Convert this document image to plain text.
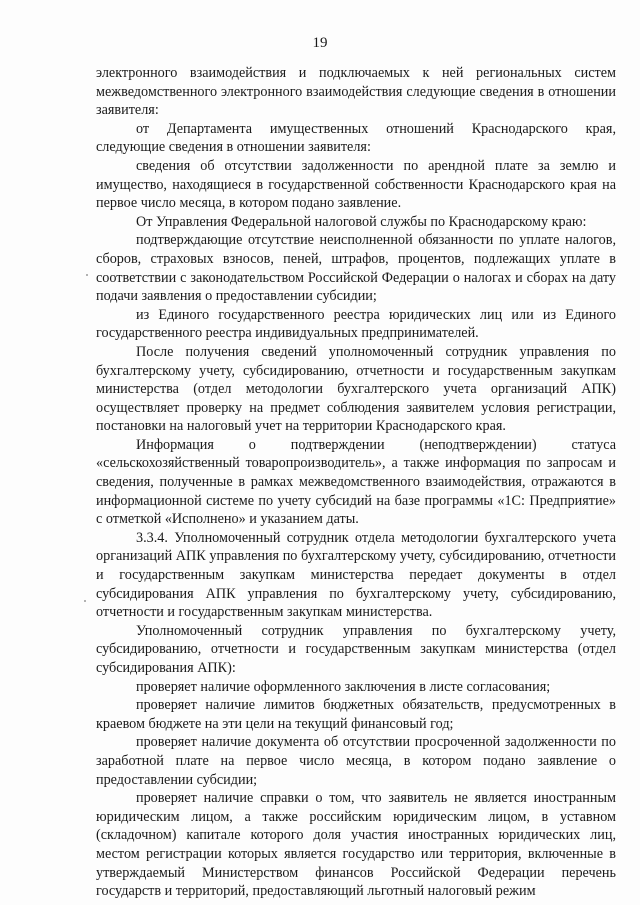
19

электронного взаимодействия и подключаемых к ней региональных систем межведомственного электронного взаимодействия следующие сведения в отношении заявителя:

от Департамента имущественных отношений Краснодарского края, следующие сведения в отношении заявителя:

сведения об отсутствии задолженности по арендной плате за землю и имущество, находящиеся в государственной собственности Краснодарского края на первое число месяца, в котором подано заявление.

От Управления Федеральной налоговой службы по Краснодарскому краю:

подтверждающие отсутствие неисполненной обязанности по уплате налогов, сборов, страховых взносов, пеней, штрафов, процентов, подлежащих уплате в соответствии с законодательством Российской Федерации о налогах и сборах на дату подачи заявления о предоставлении субсидии;

из Единого государственного реестра юридических лиц или из Единого государственного реестра индивидуальных предпринимателей.

После получения сведений уполномоченный сотрудник управления по бухгалтерскому учету, субсидированию, отчетности и государственным закупкам министерства (отдел методологии бухгалтерского учета организаций АПК) осуществляет проверку на предмет соблюдения заявителем условия регистрации, постановки на налоговый учет на территории Краснодарского края.

Информация о подтверждении (неподтверждении) статуса «сельскохозяйственный товаропроизводитель», а также информация по запросам и сведения, полученные в рамках межведомственного взаимодействия, отражаются в информационной системе по учету субсидий на базе программы «1С: Предприятие» с отметкой «Исполнено» и указанием даты.

3.3.4. Уполномоченный сотрудник отдела методологии бухгалтерского учета организаций АПК управления по бухгалтерскому учету, субсидированию, отчетности и государственным закупкам министерства передает документы в отдел субсидирования АПК управления по бухгалтерскому учету, субсидированию, отчетности и государственным закупкам министерства.

Уполномоченный сотрудник управления по бухгалтерскому учету, субсидированию, отчетности и государственным закупкам министерства (отдел субсидирования АПК):

проверяет наличие оформленного заключения в листе согласования;

проверяет наличие лимитов бюджетных обязательств, предусмотренных в краевом бюджете на эти цели на текущий финансовый год;

проверяет наличие документа об отсутствии просроченной задолженности по заработной плате на первое число месяца, в котором подано заявление о предоставлении субсидии;

проверяет наличие справки о том, что заявитель не является иностранным юридическим лицом, а также российским юридическим лицом, в уставном (складочном) капитале которого доля участия иностранных юридических лиц, местом регистрации которых является государство или территория, включенные в утверждаемый Министерством финансов Российской Федерации перечень государств и территорий, предоставляющий льготный налоговый режим
